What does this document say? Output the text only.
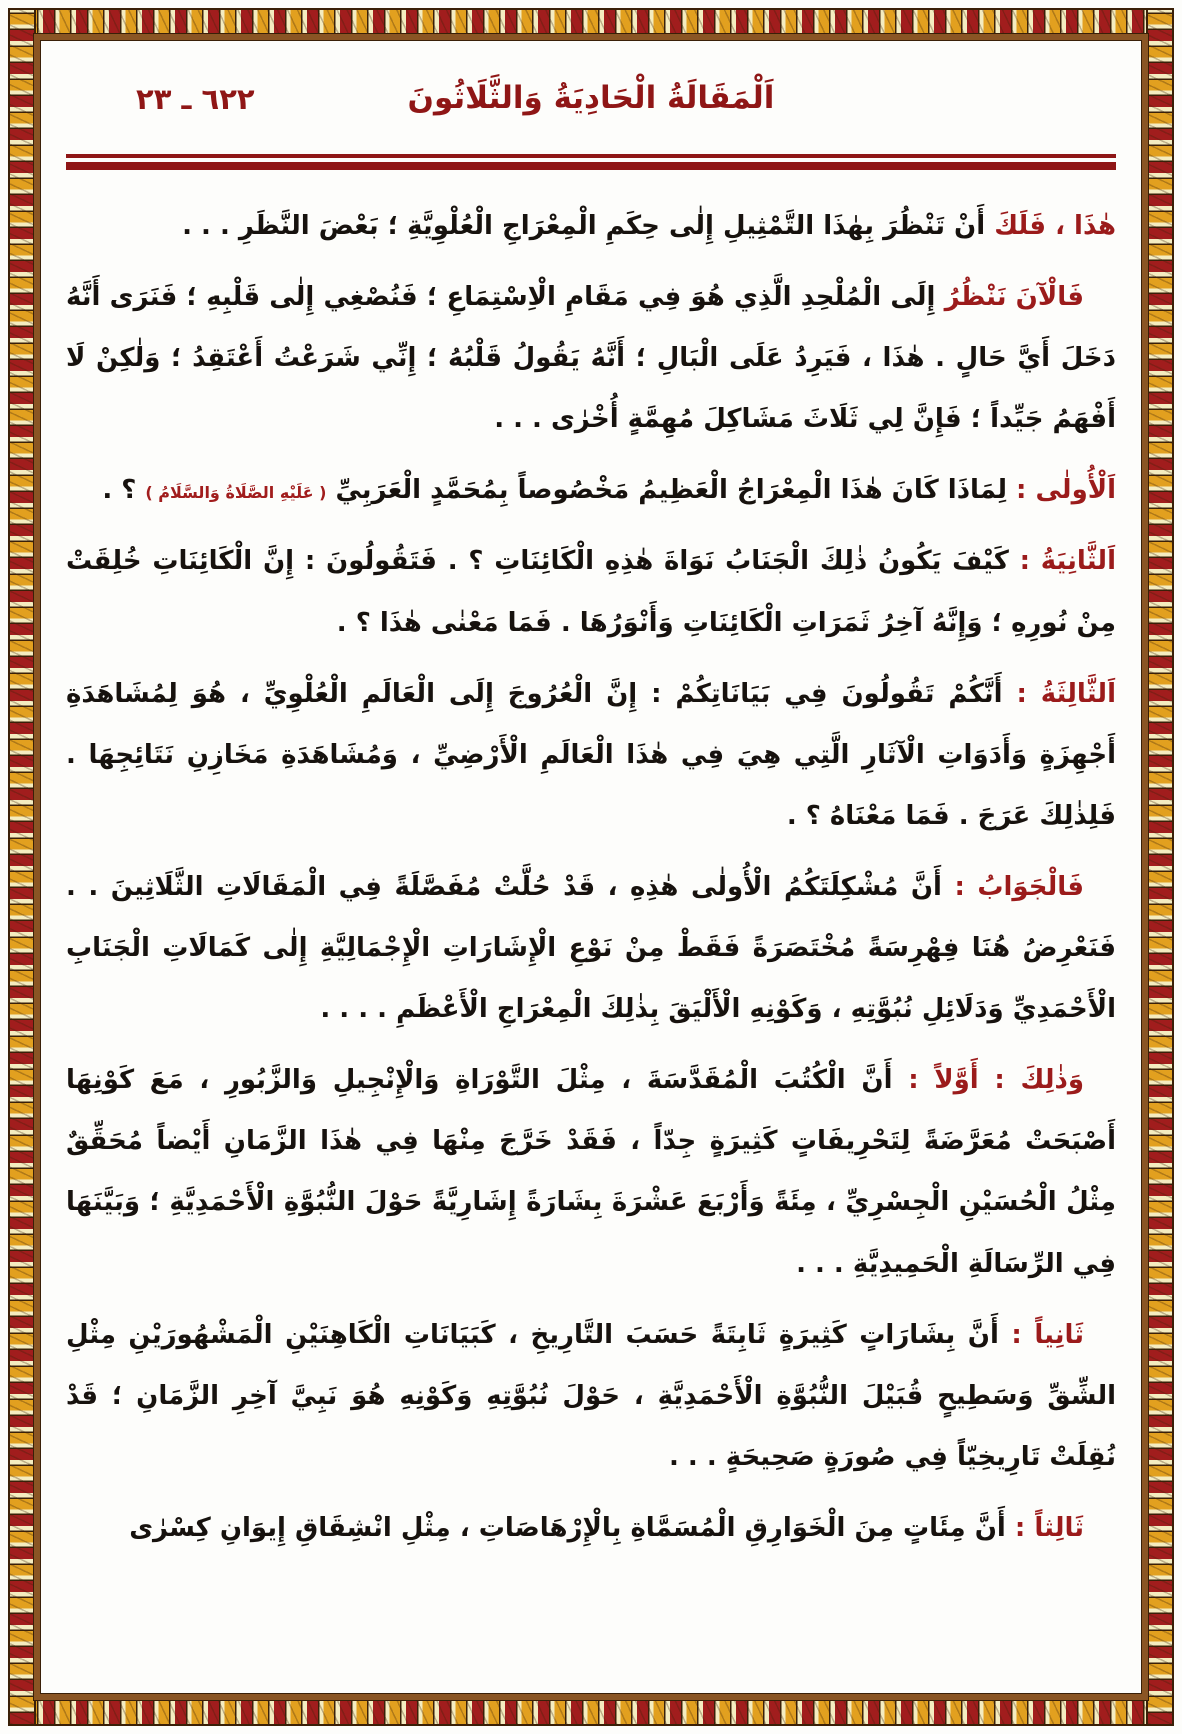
اَلْمَقَالَةُ الْحَادِيَةُ وَالثَّلَاثُونَ
٦٢٢ ـ ٢٣

هٰذَا ، فَلَكَ أَنْ تَنْظُرَ بِهٰذَا التَّمْثِيلِ إِلٰى حِكَمِ الْمِعْرَاجِ الْعُلْوِيَّةِ ؛ بَعْضَ النَّظَرِ . . .

فَالْآنَ نَنْظُرُ إِلَى الْمُلْحِدِ الَّذِي هُوَ فِي مَقَامِ الْاِسْتِمَاعِ ؛ فَنُصْغِي إِلٰى قَلْبِهِ ؛ فَنَرَى أَنَّهُ دَخَلَ أَيَّ حَالٍ . هٰذَا ، فَيَرِدُ عَلَى الْبَالِ ؛ أَنَّهُ يَقُولُ قَلْبُهُ ؛ إِنِّي شَرَعْتُ أَعْتَقِدُ ؛ وَلٰكِنْ لَا أَفْهَمُ جَيِّداً ؛ فَإِنَّ لِي ثَلَاثَ مَشَاكِلَ مُهِمَّةٍ أُخْرٰى . . .

اَلْأُولٰى : لِمَاذَا كَانَ هٰذَا الْمِعْرَاجُ الْعَظِيمُ مَخْصُوصاً بِمُحَمَّدٍ الْعَرَبِيِّ ( عَلَيْهِ الصَّلَاةُ وَالسَّلَامُ ) ؟ .

اَلثَّانِيَةُ : كَيْفَ يَكُونُ ذٰلِكَ الْجَنَابُ نَوَاةَ هٰذِهِ الْكَائِنَاتِ ؟ . فَتَقُولُونَ : إِنَّ الْكَائِنَاتِ خُلِقَتْ مِنْ نُورِهِ ؛ وَإِنَّهُ آخِرُ ثَمَرَاتِ الْكَائِنَاتِ وَأَنْوَرُهَا . فَمَا مَعْنٰى هٰذَا ؟ .

اَلثَّالِثَةُ : أَنَّكُمْ تَقُولُونَ فِي بَيَانَاتِكُمْ : إِنَّ الْعُرُوجَ إِلَى الْعَالَمِ الْعُلْوِيِّ ، هُوَ لِمُشَاهَدَةِ أَجْهِزَةٍ وَأَدَوَاتِ الْآثَارِ الَّتِي هِيَ فِي هٰذَا الْعَالَمِ الْأَرْضِيِّ ، وَمُشَاهَدَةِ مَخَازِنِ نَتَائِجِهَا . فَلِذٰلِكَ عَرَجَ . فَمَا مَعْنَاهُ ؟ .

فَالْجَوَابُ : أَنَّ مُشْكِلَتَكُمُ الْأُولٰى هٰذِهِ ، قَدْ حُلَّتْ مُفَصَّلَةً فِي الْمَقَالَاتِ الثَّلَاثِينَ . . فَنَعْرِضُ هُنَا فِهْرِسَةً مُخْتَصَرَةً فَقَطْ مِنْ نَوْعِ الْإِشَارَاتِ الْإِجْمَالِيَّةِ إِلٰى كَمَالَاتِ الْجَنَابِ الْأَحْمَدِيِّ وَدَلَائِلِ نُبُوَّتِهِ ، وَكَوْنِهِ الْأَلْيَقَ بِذٰلِكَ الْمِعْرَاجِ الْأَعْظَمِ . . . .

وَذٰلِكَ : أَوَّلاً : أَنَّ الْكُتُبَ الْمُقَدَّسَةَ ، مِثْلَ التَّوْرَاةِ وَالْإِنْجِيلِ وَالزَّبُورِ ، مَعَ كَوْنِهَا أَصْبَحَتْ مُعَرَّضَةً لِتَحْرِيفَاتٍ كَثِيرَةٍ جِدّاً ، فَقَدْ خَرَّجَ مِنْهَا فِي هٰذَا الزَّمَانِ أَيْضاً مُحَقِّقٌ مِثْلُ الْحُسَيْنِ الْجِسْرِيِّ ، مِئَةً وَأَرْبَعَ عَشْرَةَ بِشَارَةً إِشَارِيَّةً حَوْلَ النُّبُوَّةِ الْأَحْمَدِيَّةِ ؛ وَبَيَّنَهَا فِي الرِّسَالَةِ الْحَمِيدِيَّةِ . . .

ثَانِياً : أَنَّ بِشَارَاتٍ كَثِيرَةٍ ثَابِتَةً حَسَبَ التَّارِيخِ ، كَبَيَانَاتِ الْكَاهِنَيْنِ الْمَشْهُورَيْنِ مِثْلِ الشِّقِّ وَسَطِيحٍ قُبَيْلَ النُّبُوَّةِ الْأَحْمَدِيَّةِ ، حَوْلَ نُبُوَّتِهِ وَكَوْنِهِ هُوَ نَبِيَّ آخِرِ الزَّمَانِ ؛ قَدْ نُقِلَتْ تَارِيخِيّاً فِي صُورَةٍ صَحِيحَةٍ . . .

ثَالِثاً : أَنَّ مِئَاتٍ مِنَ الْخَوَارِقِ الْمُسَمَّاةِ بِالْإِرْهَاصَاتِ ، مِثْلِ انْشِقَاقِ إِيوَانِ كِسْرٰى
